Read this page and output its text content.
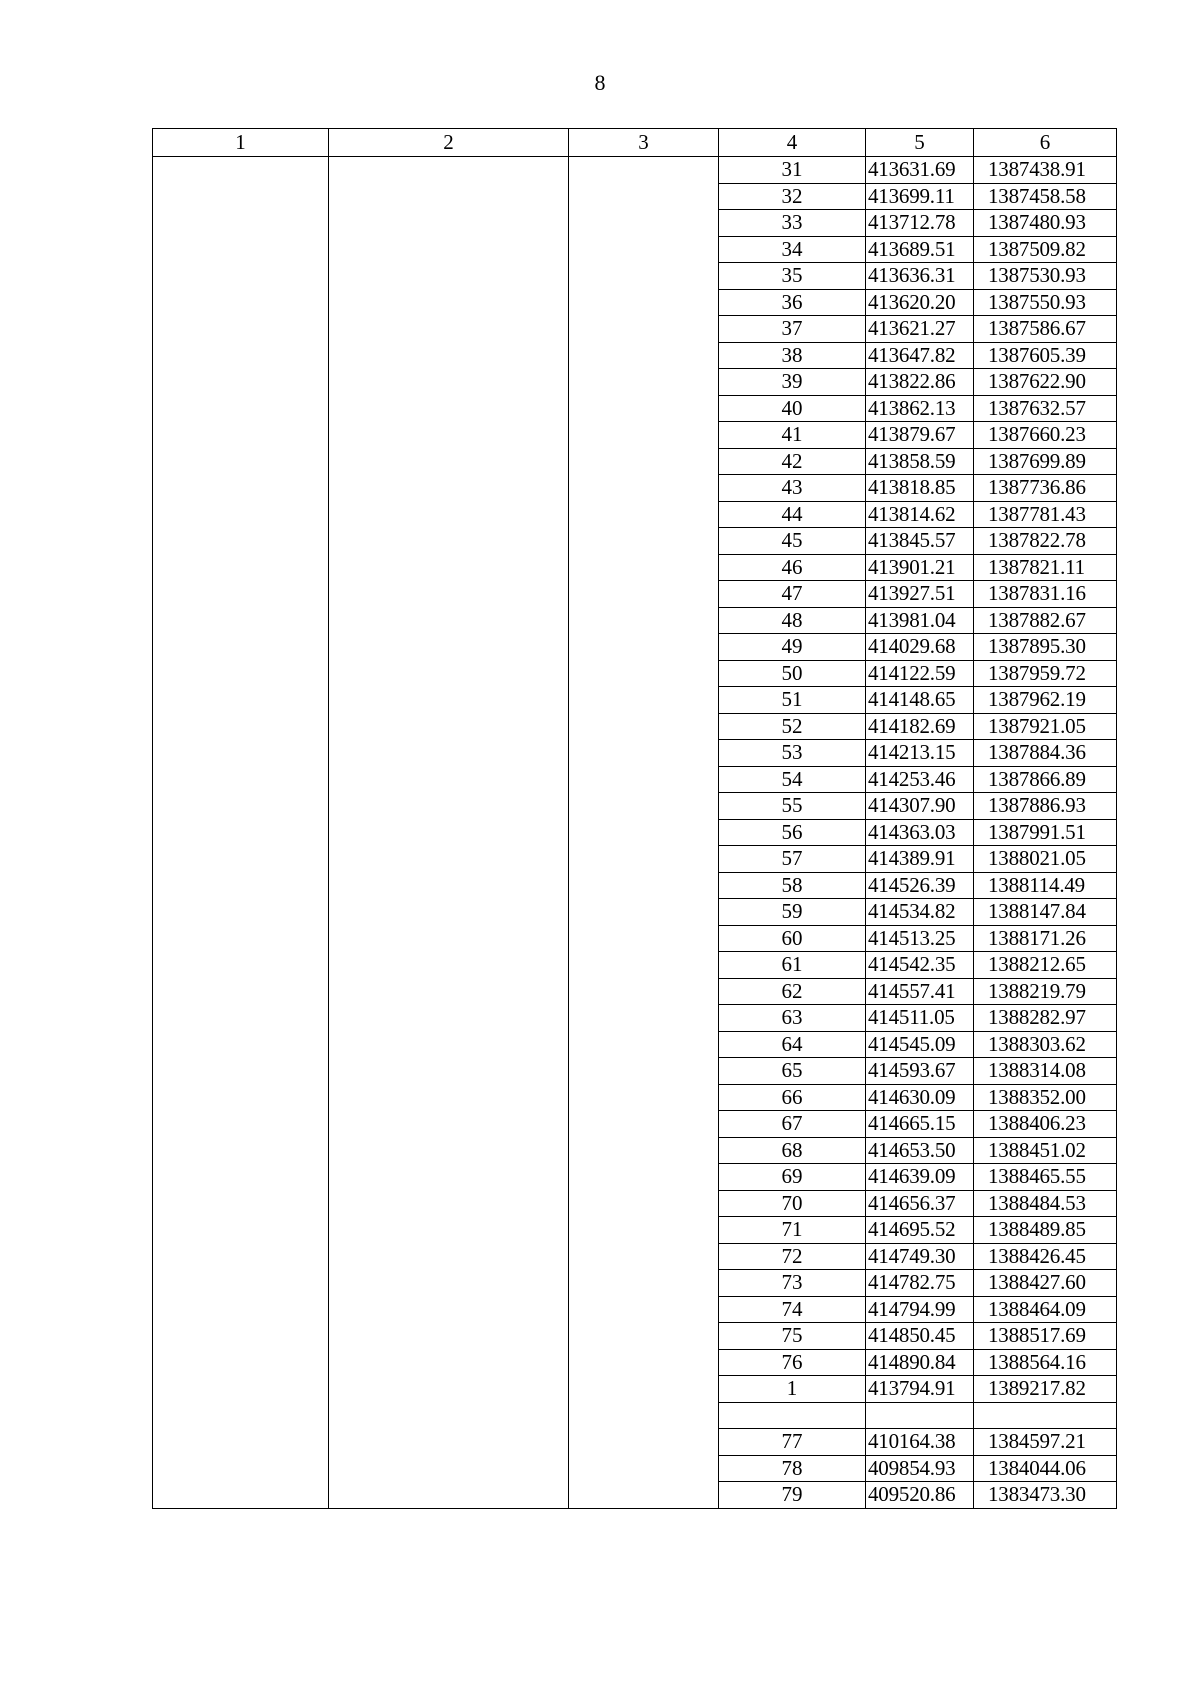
8
1	2	3	4	5	6
			31	413631.69	1387438.91
			32	413699.11	1387458.58
			33	413712.78	1387480.93
			34	413689.51	1387509.82
			35	413636.31	1387530.93
			36	413620.20	1387550.93
			37	413621.27	1387586.67
			38	413647.82	1387605.39
			39	413822.86	1387622.90
			40	413862.13	1387632.57
			41	413879.67	1387660.23
			42	413858.59	1387699.89
			43	413818.85	1387736.86
			44	413814.62	1387781.43
			45	413845.57	1387822.78
			46	413901.21	1387821.11
			47	413927.51	1387831.16
			48	413981.04	1387882.67
			49	414029.68	1387895.30
			50	414122.59	1387959.72
			51	414148.65	1387962.19
			52	414182.69	1387921.05
			53	414213.15	1387884.36
			54	414253.46	1387866.89
			55	414307.90	1387886.93
			56	414363.03	1387991.51
			57	414389.91	1388021.05
			58	414526.39	1388114.49
			59	414534.82	1388147.84
			60	414513.25	1388171.26
			61	414542.35	1388212.65
			62	414557.41	1388219.79
			63	414511.05	1388282.97
			64	414545.09	1388303.62
			65	414593.67	1388314.08
			66	414630.09	1388352.00
			67	414665.15	1388406.23
			68	414653.50	1388451.02
			69	414639.09	1388465.55
			70	414656.37	1388484.53
			71	414695.52	1388489.85
			72	414749.30	1388426.45
			73	414782.75	1388427.60
			74	414794.99	1388464.09
			75	414850.45	1388517.69
			76	414890.84	1388564.16
			1	413794.91	1389217.82

			77	410164.38	1384597.21
			78	409854.93	1384044.06
			79	409520.86	1383473.30
